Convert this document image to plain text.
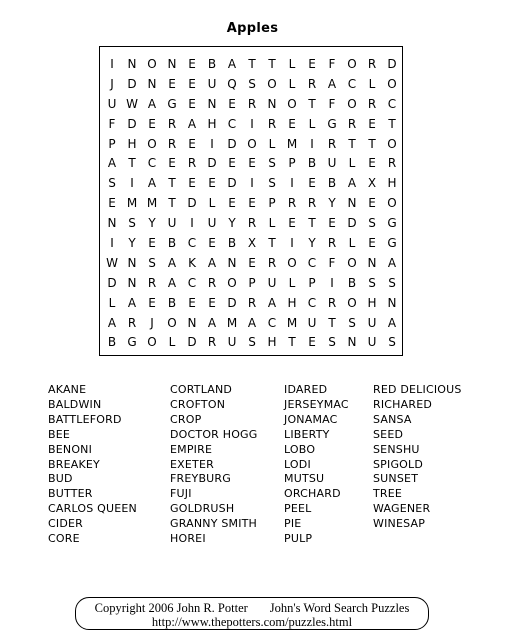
Apples
I	N O N E	B A	T	T	L	E	F O R D
J	D N E	E U Q S O L	R A C	L O
U W A G E N E	R N O T	F O R C
F D E	R A H C	I	R	E	L	G R	E	T
P H O R	E	I	D O L M	I	R	T	T O
A	T	C	E	R D E	E	S	P	B U	L	E	R
S	I	A	T	E	E D	I	S	I	E	B A X H
E M M T D	L	E	E	P	R R	Y N E O
N S	Y U	I	U Y	R	L	E	T	E D S G
I	Y	E	B C	E	B X	T	I	Y	R	L	E G
W N S	A K A N E	R O C	F O N A
D N R A C R O P U	L	P	I	B	S	S
L	A	E	B	E	E D R A H C R O H N
A R	J	O N A M A C M U T	S U A
B G O L	D R U S H T	E	S N U S
AKANE
BALDWIN
BATTLEFORD
BEE
BENONI
BREAKEY
BUD
BUTTER
CARLOS QUEEN
CIDER
CORE
CORTLAND
CROFTON
CROP
DOCTOR HOGG
EMPIRE
EXETER
FREYBURG
FUJI
GOLDRUSH
GRANNY SMITH
HOREI
IDARED
JERSEYMAC
JONAMAC
LIBERTY
LOBO
LODI
MUTSU
ORCHARD
PEEL
PIE
PULP
RED DELICIOUS
RICHARED
SANSA
SEED
SENSHU
SPIGOLD
SUNSET
TREE
WAGENER
WINESAP
Copyright 2006 John R. Potter John's Word Search Puzzles
http://www.thepotters.com/puzzles.html
